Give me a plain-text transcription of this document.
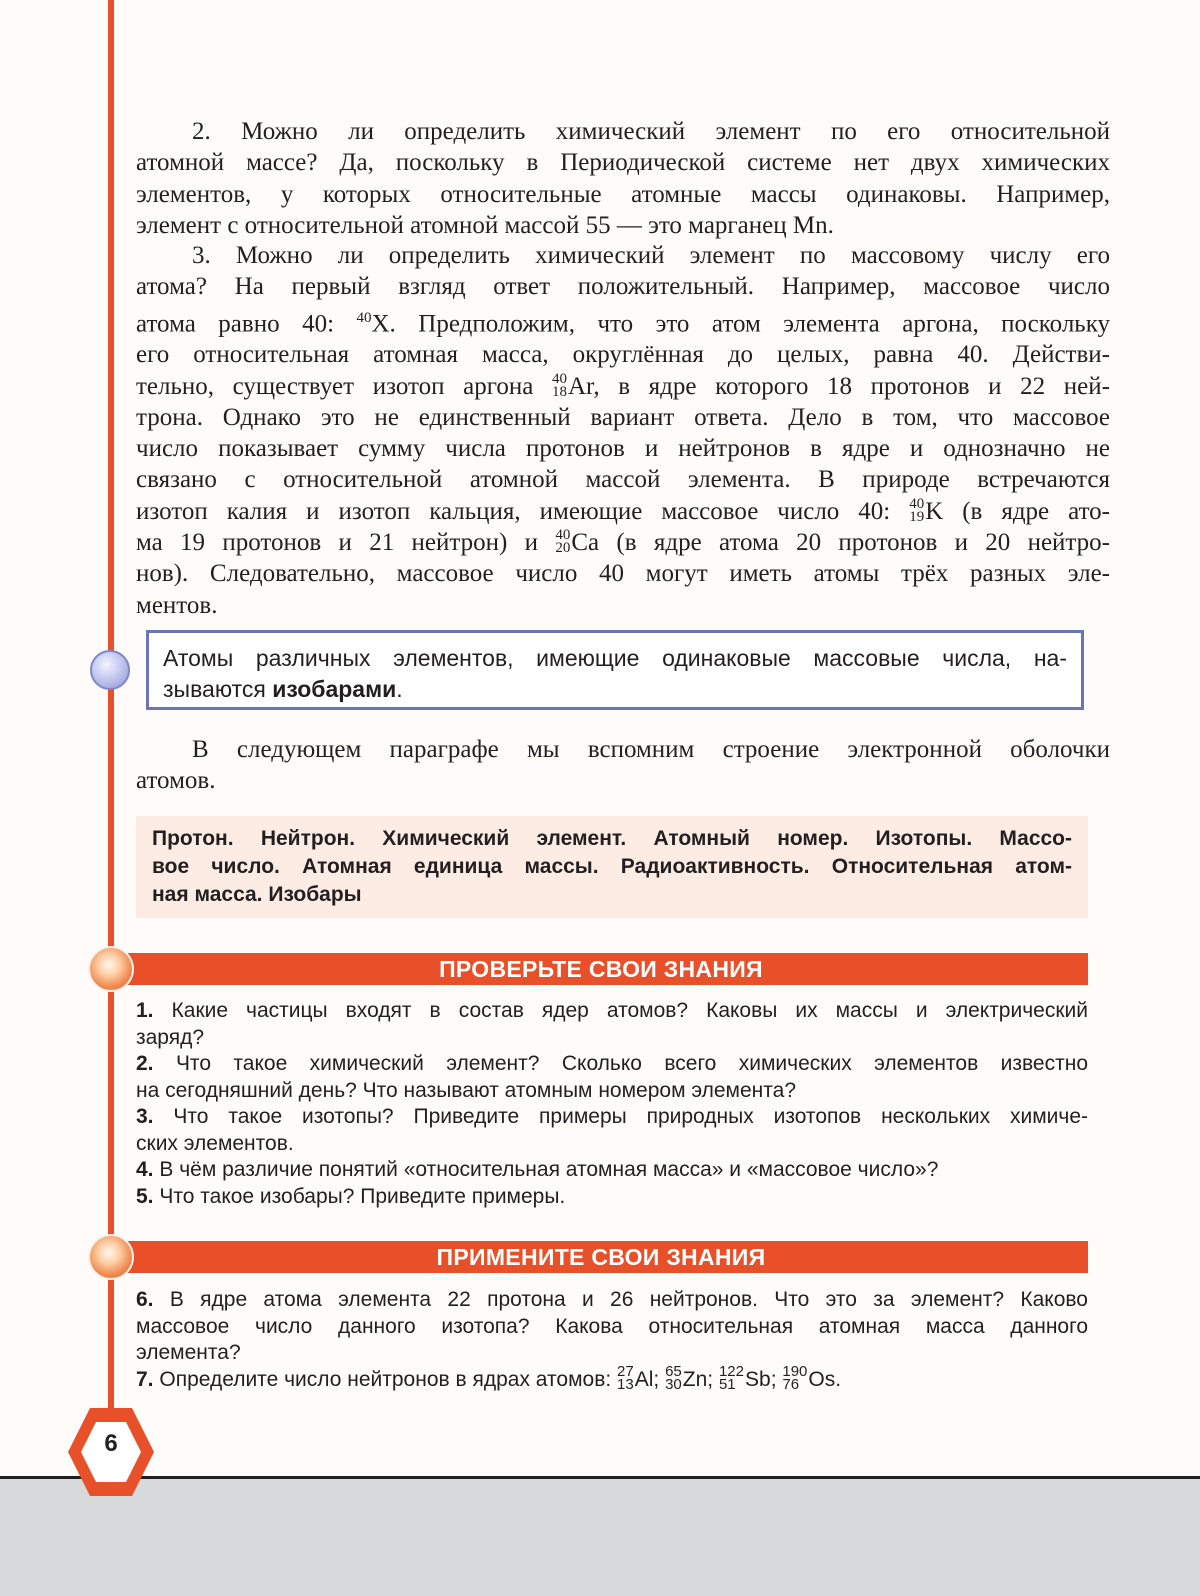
2. Можно ли определить химический элемент по его относительной
атомной массе? Да, поскольку в Периодической системе нет двух химических
элементов, у которых относительные атомные массы одинаковы. Например,
элемент с относительной атомной массой 55 — это марганец Mn.
3. Можно ли определить химический элемент по массовому числу его
атома? На первый взгляд ответ положительный. Например, массовое число
атома равно 40: $^{40}$X. Предположим, что это атом элемента аргона, поскольку
его относительная атомная масса, округлённая до целых, равна 40. Действи-
тельно, существует изотоп аргона 40
18 Ar, в ядре которого 18 протонов и 22 ней-
трона. Однако это не единственный вариант ответа. Дело в том, что массовое
число показывает сумму числа протонов и нейтронов в ядре и однозначно не
связано с относительной атомной массой элемента. В природе встречаются
изотоп калия и изотоп кальция, имеющие массовое число 40: 40
19 K (в ядре ато-
ма 19 протонов и 21 нейтрон) и 40
20 Ca (в ядре атома 20 протонов и 20 нейтро-
нов). Следовательно, массовое число 40 могут иметь атомы трёх разных эле-
ментов.
Атомы различных элементов, имеющие одинаковые массовые числа, на-
зываются изобарами.
В следующем параграфе мы вспомним строение электронной оболочки
атомов.
Протон. Нейтрон. Химический элемент. Атомный номер. Изотопы. Массо-
вое число. Атомная единица массы. Радиоактивность. Относительная атом-
ная масса. Изобары
ПРОВЕРЬТЕ СВОИ ЗНАНИЯ
1. Какие частицы входят в состав ядер атомов? Каковы их массы и электрический
заряд?
2. Что такое химический элемент? Сколько всего химических элементов известно
на сегодняшний день? Что называют атомным номером элемента?
3. Что такое изотопы? Приведите примеры природных изотопов нескольких химиче-
ских элементов.
4. В чём различие понятий «относительная атомная масса» и «массовое число»?
5. Что такое изобары? Приведите примеры.
ПРИМЕНИТЕ СВОИ ЗНАНИЯ
6. В ядре атома элемента 22 протона и 26 нейтронов. Что это за элемент? Каково
массовое число данного изотопа? Какова относительная атомная масса данного
элемента?
7. Определите число нейтронов в ядрах атомов: 27
13 Al; 65
30 Zn; 122
51 Sb; 190
76 Os.
6
